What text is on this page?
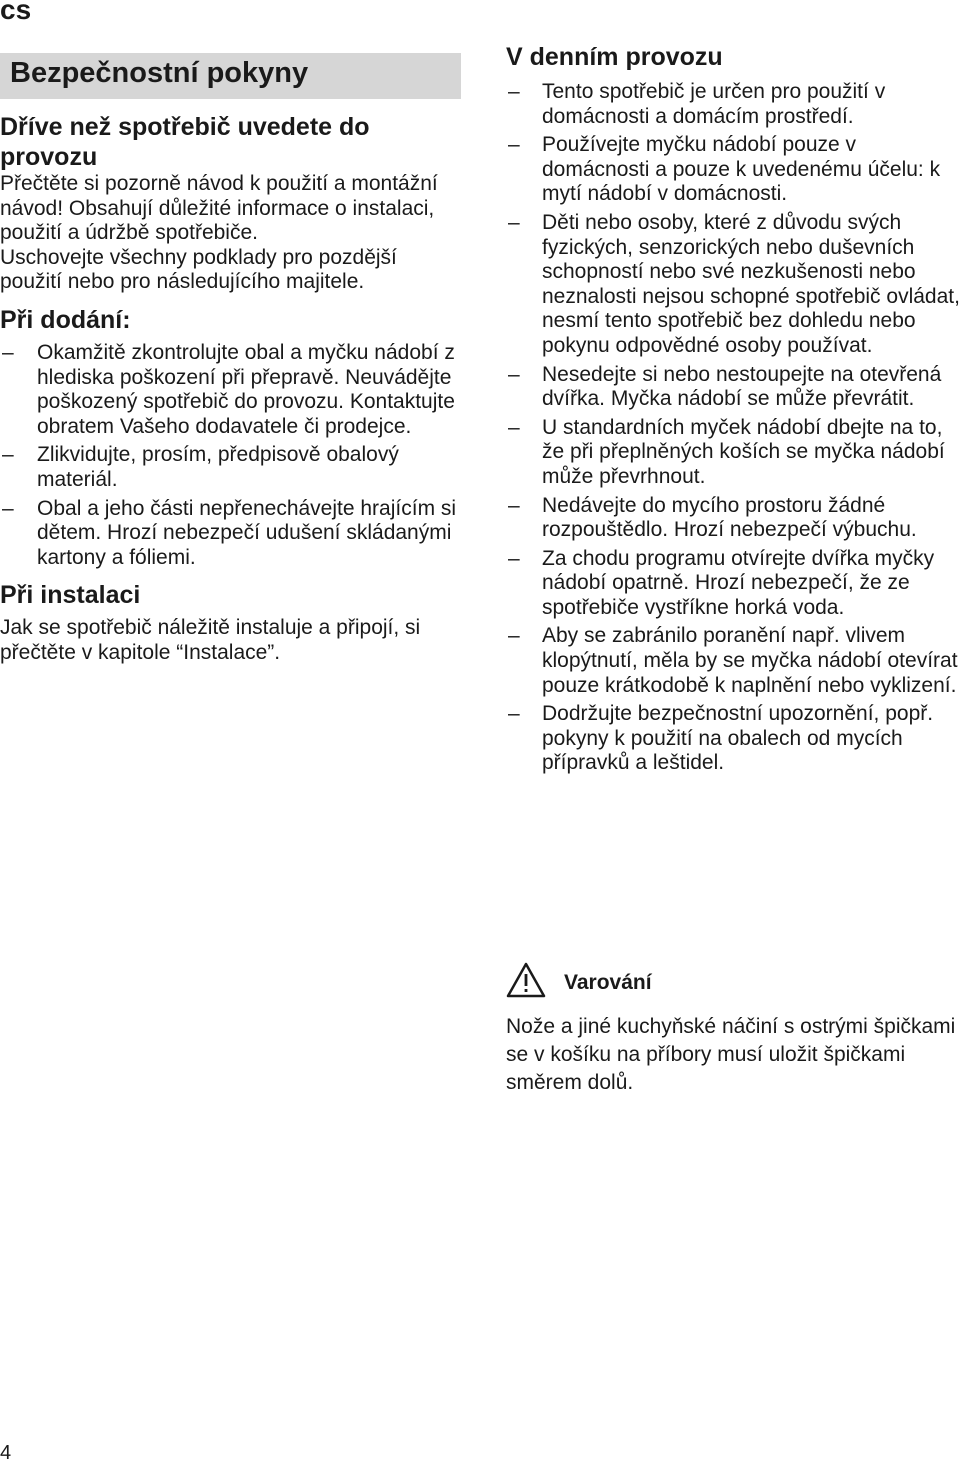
cs
Bezpečnostní pokyny
Dříve než spotřebič uvedete do provozu

Přečtěte si pozorně návod k použití a montážní návod! Obsahují důležité informace o instalaci, použití a údržbě spotřebiče.

Uschovejte všechny podklady pro pozdější použití nebo pro následujícího majitele.

Při dodání:
– Okamžitě zkontrolujte obal a myčku nádobí z hlediska poškození při přepravě. Neuvádějte poškozený spotřebič do provozu. Kontaktujte obratem Vašeho dodavatele či prodejce.
– Zlikvidujte, prosím, předpisově obalový materiál.
– Obal a jeho části nepřenechávejte hrajícím si dětem. Hrozí nebezpečí udušení skládanými kartony a fóliemi.
Při instalaci

Jak se spotřebič náležitě instaluje a připojí, si přečtěte v kapitole “Instalace”.

V denním provozu
– Tento spotřebič je určen pro použití v domácnosti a domácím prostředí.
– Používejte myčku nádobí pouze v domácnosti a pouze k uvedenému účelu: k mytí nádobí v domácnosti.
– Děti nebo osoby, které z důvodu svých fyzických, senzorických nebo duševních schopností nebo své nezkušenosti nebo neznalosti nejsou schopné spotřebič ovládat, nesmí tento spotřebič bez dohledu nebo pokynu odpovědné osoby používat.
– Nesedejte si nebo nestoupejte na otevřená dvířka. Myčka nádobí se může převrátit.
– U standardních myček nádobí dbejte na to, že při přeplněných koších se myčka nádobí může převrhnout.
– Nedávejte do mycího prostoru žádné rozpouštědlo. Hrozí nebezpečí výbuchu.
– Za chodu programu otvírejte dvířka myčky nádobí opatrně. Hrozí nebezpečí, že ze spotřebiče vystříkne horká voda.
– Aby se zabránilo poranění např. vlivem klopýtnutí, měla by se myčka nádobí otevírat pouze krátkodobě k naplnění nebo vyklizení.
– Dodržujte bezpečnostní upozornění, popř. pokyny k použití na obalech od mycích přípravků a leštidel.
Varování

Nože a jiné kuchyňské náčiní s ostrými špičkami se v košíku na příbory musí uložit špičkami směrem dolů.

4
